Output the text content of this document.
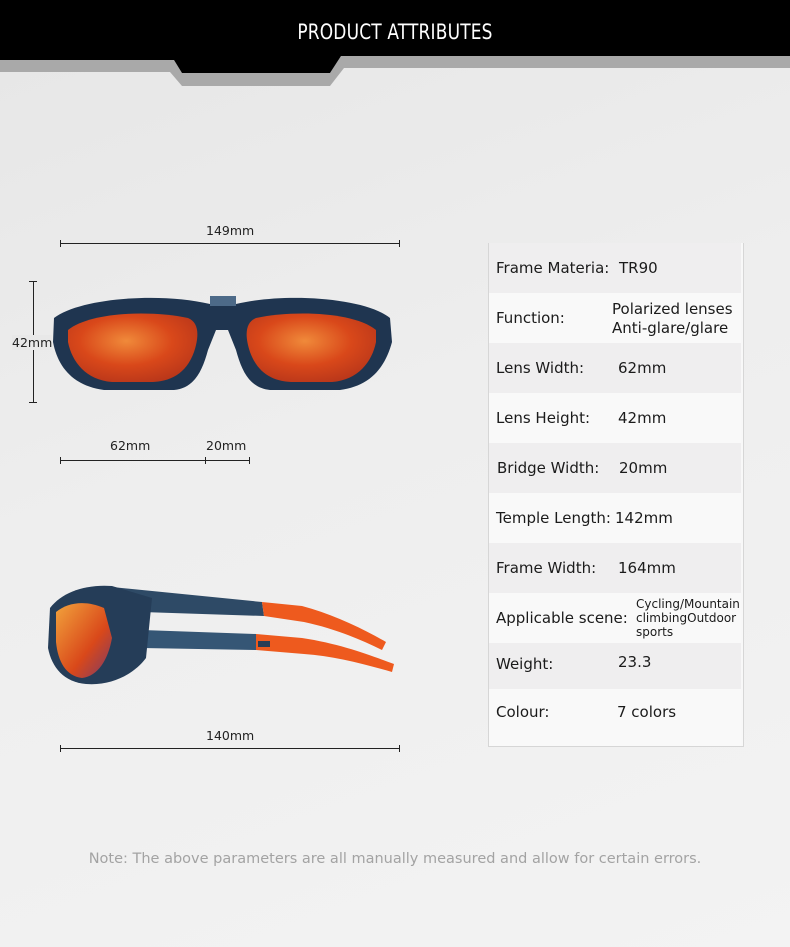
PRODUCT ATTRIBUTES
149mm
42mm
62mm	20mm
140mm
Frame Materia: TR90
Function:	Polarized lenses
Anti-glare/glare
Lens Width: 62mm
Lens Height: 42mm
Bridge Width: 20mm
Temple Length: 142mm
Frame Width: 164mm
Applicable scene:
Cycling/Mountain
climbingOutdoor
sports
Weight:	23.3
Colour:	7 colors
Note: The above parameters are all manually measured and allow for certain errors.
